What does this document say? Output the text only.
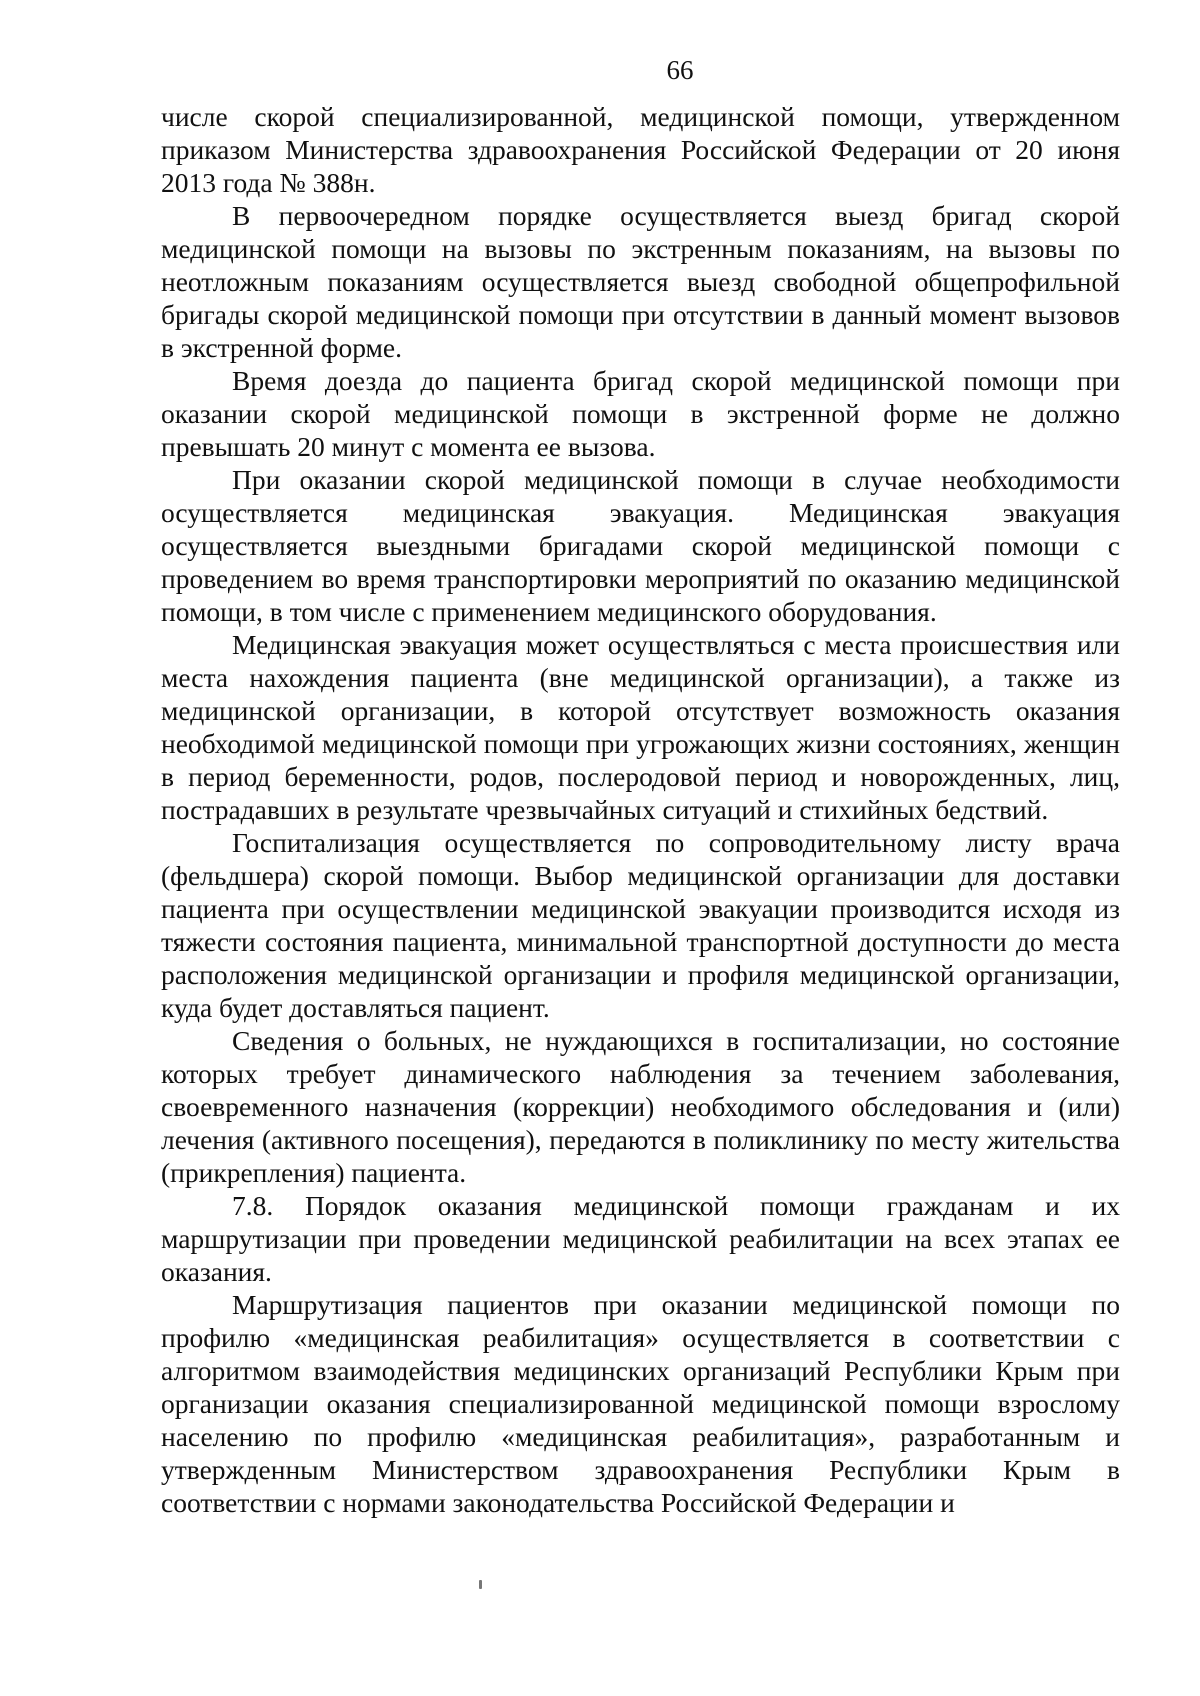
66

числе скорой специализированной, медицинской помощи, утвержденном приказом Министерства здравоохранения Российской Федерации от 20 июня 2013 года № 388н.

В первоочередном порядке осуществляется выезд бригад скорой медицинской помощи на вызовы по экстренным показаниям, на вызовы по неотложным показаниям осуществляется выезд свободной общепрофильной бригады скорой медицинской помощи при отсутствии в данный момент вызовов в экстренной форме.

Время доезда до пациента бригад скорой медицинской помощи при оказании скорой медицинской помощи в экстренной форме не должно превышать 20 минут с момента ее вызова.

При оказании скорой медицинской помощи в случае необходимости осуществляется медицинская эвакуация. Медицинская эвакуация осуществляется выездными бригадами скорой медицинской помощи с проведением во время транспортировки мероприятий по оказанию медицинской помощи, в том числе с применением медицинского оборудования.

Медицинская эвакуация может осуществляться с места происшествия или места нахождения пациента (вне медицинской организации), а также из медицинской организации, в которой отсутствует возможность оказания необходимой медицинской помощи при угрожающих жизни состояниях, женщин в период беременности, родов, послеродовой период и новорожденных, лиц, пострадавших в результате чрезвычайных ситуаций и стихийных бедствий.

Госпитализация осуществляется по сопроводительному листу врача (фельдшера) скорой помощи. Выбор медицинской организации для доставки пациента при осуществлении медицинской эвакуации производится исходя из тяжести состояния пациента, минимальной транспортной доступности до места расположения медицинской организации и профиля медицинской организации, куда будет доставляться пациент.

Сведения о больных, не нуждающихся в госпитализации, но состояние которых требует динамического наблюдения за течением заболевания, своевременного назначения (коррекции) необходимого обследования и (или) лечения (активного посещения), передаются в поликлинику по месту жительства (прикрепления) пациента.

7.8. Порядок оказания медицинской помощи гражданам и их маршрутизации при проведении медицинской реабилитации на всех этапах ее оказания.

Маршрутизация пациентов при оказании медицинской помощи по профилю «медицинская реабилитация» осуществляется в соответствии с алгоритмом взаимодействия медицинских организаций Республики Крым при организации оказания специализированной медицинской помощи взрослому населению по профилю «медицинская реабилитация», разработанным и утвержденным Министерством здравоохранения Республики Крым в соответствии с нормами законодательства Российской Федерации и
